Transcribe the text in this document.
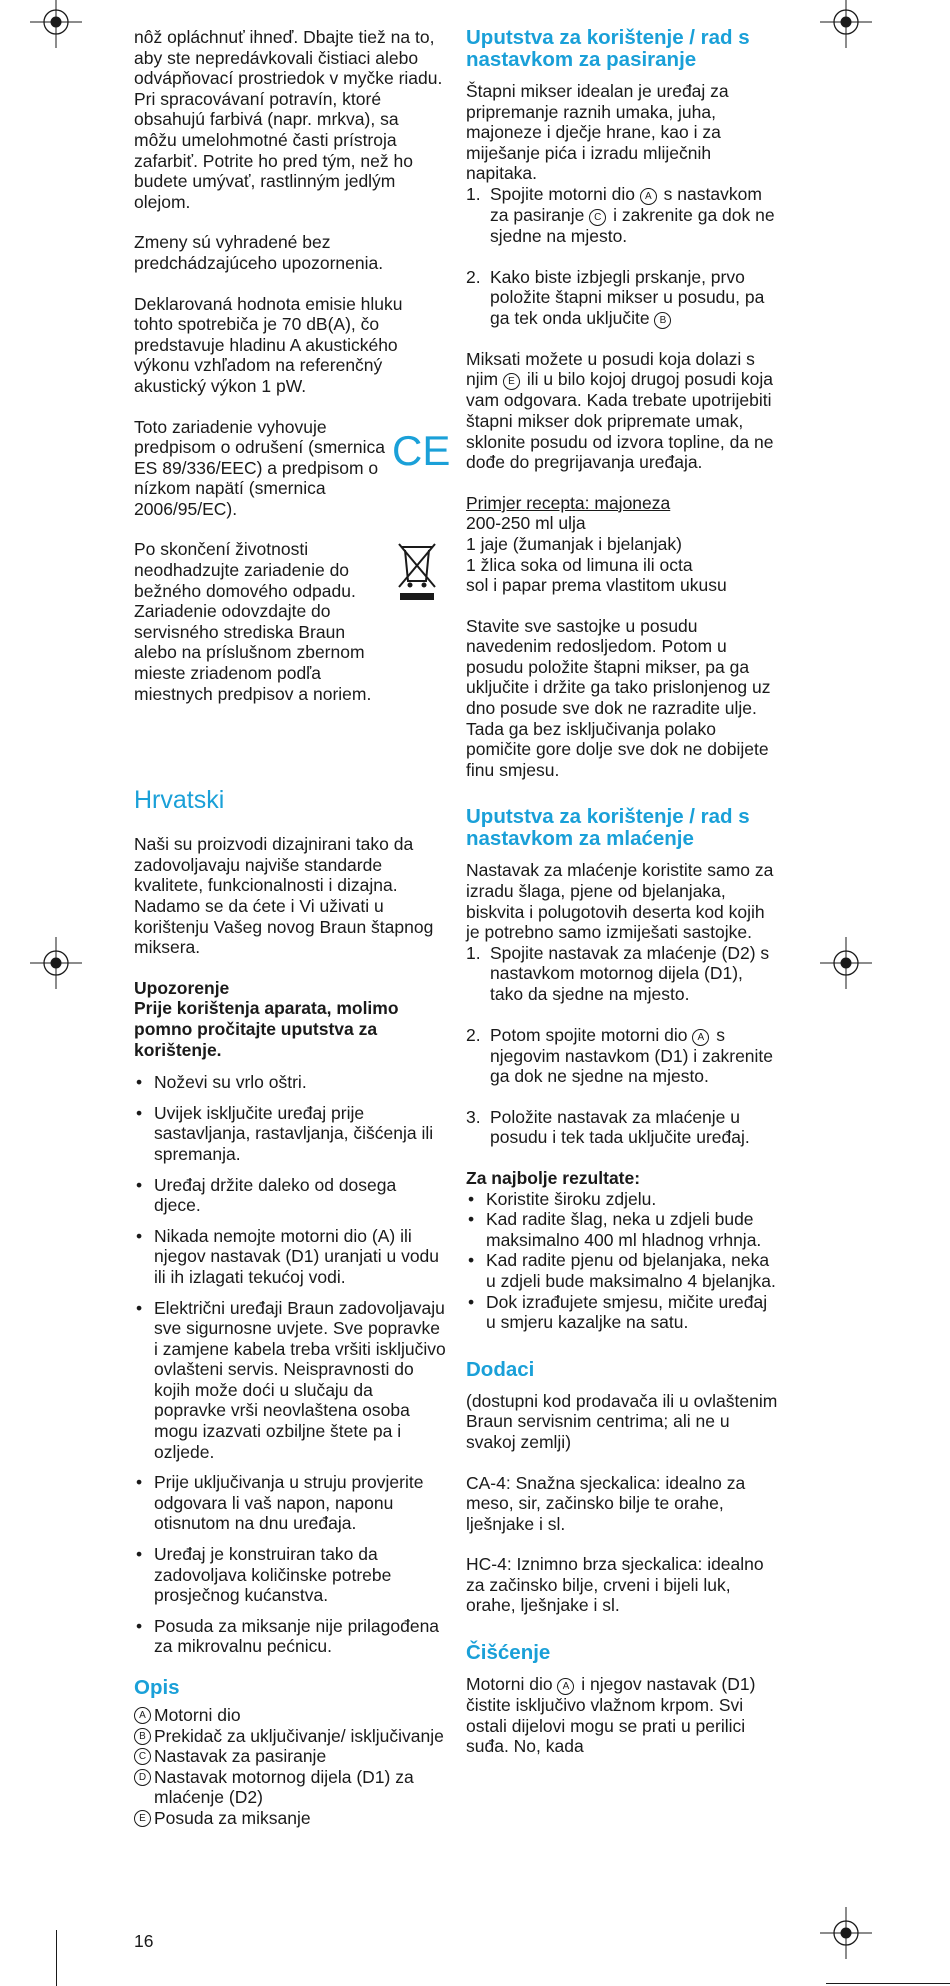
nôž opláchnuť ihneď. Dbajte tiež na to, aby ste nepredávkovali čistiaci alebo odvápňovací prostriedok v myčke riadu.

Pri spracovávaní potravín, ktoré obsahujú farbivá (napr. mrkva), sa môžu umelohmotné časti prístroja zafarbiť. Potrite ho pred tým, než ho budete umývať, rastlinným jedlým olejom.

Zmeny sú vyhradené bez predchádzajúceho upozornenia.

Deklarovaná hodnota emisie hluku tohto spotrebiča je 70 dB(A), čo predstavuje hladinu A akustického výkonu vzhľadom na referenčný akustický výkon 1 pW.

Toto zariadenie vyhovuje predpisom o odrušení (smernica ES 89/336/EEC) a predpisom o nízkom napätí (smernica 2006/95/EC).

CE

Po skončení životnosti neodhadzujte zariadenie do bežného domového odpadu. Zariadenie odovzdajte do servisného strediska Braun alebo na príslušnom zbernom mieste zriadenom podľa miestnych predpisov a noriem.

Hrvatski

Naši su proizvodi dizajnirani tako da zadovoljavaju najviše standarde kvalitete, funkcionalnosti i dizajna. Nadamo se da ćete i Vi uživati u korištenju Vašeg novog Braun štapnog miksera.

Upozorenje

Prije korištenja aparata, molimo pomno pročitajte uputstva za korištenje.

• Noževi su vrlo oštri.
• Uvijek isključite uređaj prije sastavljanja, rastavljanja, čišćenja ili spremanja.
• Uređaj držite daleko od dosega djece.
• Nikada nemojte motorni dio (A) ili njegov nastavak (D1) uranjati u vodu ili ih izlagati tekućoj vodi.
• Električni uređaji Braun zadovoljavaju sve sigurnosne uvjete. Sve popravke i zamjene kabela treba vršiti isključivo ovlašteni servis. Neispravnosti do kojih može doći u slučaju da popravke vrši neovlaštena osoba mogu izazvati ozbiljne štete pa i ozljede.
• Prije uključivanja u struju provjerite odgovara li vaš napon, naponu otisnutom na dnu uređaja.
• Uređaj je konstruiran tako da zadovoljava količinske potrebe prosječnog kućanstva.
• Posuda za miksanje nije prilagođena za mikrovalnu pećnicu.
Opis
A Motorni dio
B Prekidač za uključivanje/ isključivanje
C Nastavak za pasiranje
D Nastavak motornog dijela (D1) za mlaćenje (D2)
E Posuda za miksanje
16
Uputstva za korištenje / rad s nastavkom za pasiranje

Štapni mikser idealan je uređaj za pripremanje raznih umaka, juha, majoneze i dječje hrane, kao i za miješanje pića i izradu mliječnih napitaka.

1. Spojite motorni dio A s nastavkom za pasiranje C i zakrenite ga dok ne sjedne na mjesto.
2. Kako biste izbjegli prskanje, prvo položite štapni mikser u posudu, pa ga tek onda uključite B

Miksati možete u posudi koja dolazi s njim E ili u bilo kojoj drugoj posudi koja vam odgovara. Kada trebate upotrijebiti štapni mikser dok pripremate umak, sklonite posudu od izvora topline, da ne dođe do pregrijavanja uređaja.

Primjer recepta: majoneza

200-250 ml ulja

1 jaje (žumanjak i bjelanjak)

1 žlica soka od limuna ili octa

sol i papar prema vlastitom ukusu

Stavite sve sastojke u posudu navedenim redosljedom. Potom u posudu položite štapni mikser, pa ga uključite i držite ga tako prislonjenog uz dno posude sve dok ne razradite ulje. Tada ga bez isključivanja polako pomičite gore dolje sve dok ne dobijete finu smjesu.

Uputstva za korištenje / rad s nastavkom za mlaćenje

Nastavak za mlaćenje koristite samo za izradu šlaga, pjene od bjelanjaka, biskvita i polugotovih deserta kod kojih je potrebno samo izmiješati sastojke.

1. Spojite nastavak za mlaćenje (D2) s nastavkom motornog dijela (D1), tako da sjedne na mjesto.
2. Potom spojite motorni dio A s njegovim nastavkom (D1) i zakrenite ga dok ne sjedne na mjesto.
3. Položite nastavak za mlaćenje u posudu i tek tada uključite uređaj.

Za najbolje rezultate:

• Koristite široku zdjelu.
• Kad radite šlag, neka u zdjeli bude maksimalno 400 ml hladnog vrhnja.
• Kad radite pjenu od bjelanjaka, neka u zdjeli bude maksimalno 4 bjelanjka.
• Dok izrađujete smjesu, mičite uređaj u smjeru kazaljke na satu.
Dodaci

(dostupni kod prodavača ili u ovlaštenim Braun servisnim centrima; ali ne u svakoj zemlji)

CA-4: Snažna sjeckalica: idealno za meso, sir, začinsko bilje te orahe, lješnjake i sl.

HC-4: Iznimno brza sjeckalica: idealno za začinsko bilje, crveni i bijeli luk, orahe, lješnjake i sl.

Čišćenje

Motorni dio A i njegov nastavak (D1) čistite isključivo vlažnom krpom. Svi ostali dijelovi mogu se prati u perilici suđa. No, kada
